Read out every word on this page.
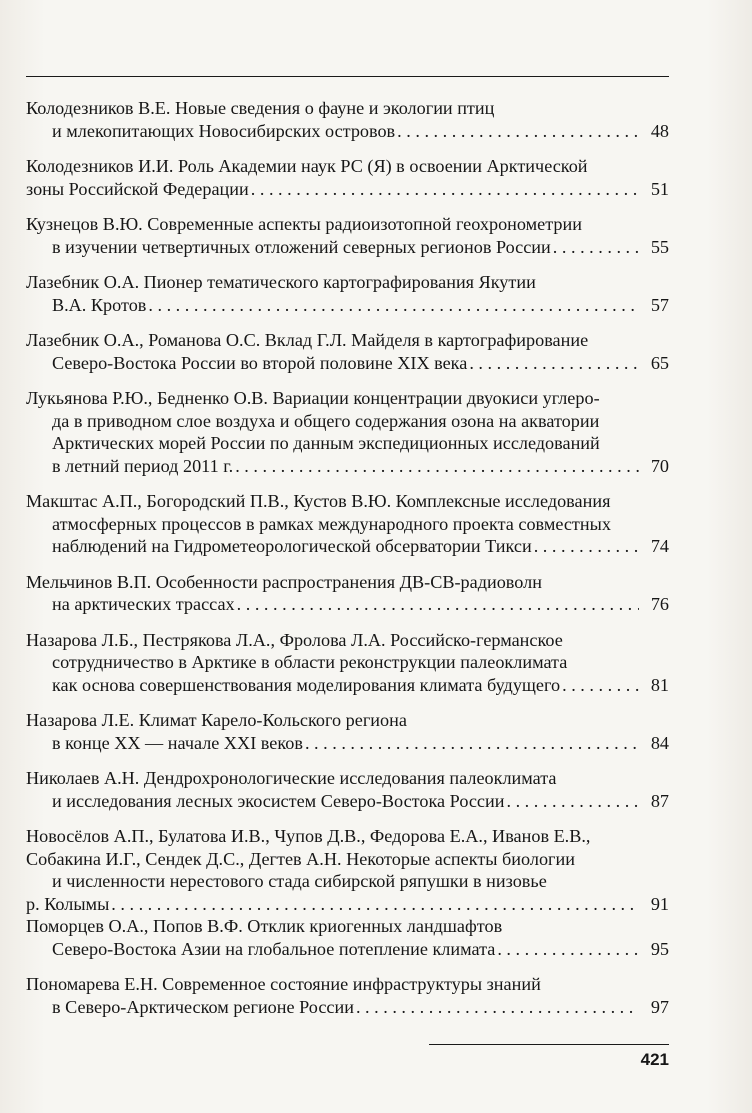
Колодезников В.Е. Новые сведения о фауне и экологии птиц
и млекопитающих Новосибирских островов . . .	48
Колодезников И.И. Роль Академии наук РС (Я) в освоении Арктической
зоны Российской Федерации . . .	51
Кузнецов В.Ю. Современные аспекты радиоизотопной геохронометрии
в изучении четвертичных отложений северных регионов России . . .	55
Лазебник О.А. Пионер тематического картографирования Якутии
В.А. Кротов . . .	57
Лазебник О.А., Романова О.С. Вклад Г.Л. Майделя в картографирование
Северо-Востока России во второй половине XIX века . . .	65
Лукьянова Р.Ю., Бедненко О.В. Вариации концентрации двуокиси углеро-
да в приводном слое воздуха и общего содержания озона на акватории
Арктических морей России по данным экспедиционных исследований
в летний период 2011 г. . . .	70
Макштас А.П., Богородский П.В., Кустов В.Ю. Комплексные исследования
атмосферных процессов в рамках международного проекта совместных
наблюдений на Гидрометеорологической обсерватории Тикси . . .	74
Мельчинов В.П. Особенности распространения ДВ-СВ-радиоволн
на арктических трассах . . .	76
Назарова Л.Б., Пестрякова Л.А., Фролова Л.А. Российско-германское
сотрудничество в Арктике в области реконструкции палеоклимата
как основа совершенствования моделирования климата будущего . . .	81
Назарова Л.Е. Климат Карело-Кольского региона
в конце XX — начале XXI веков . . .	84
Николаев А.Н. Дендрохронологические исследования палеоклимата
и исследования лесных экосистем Северо-Востока России . . .	87
Новосёлов А.П., Булатова И.В., Чупов Д.В., Федорова Е.А., Иванов Е.В.,
Собакина И.Г., Сендек Д.С., Дегтев А.Н. Некоторые аспекты биологии
и численности нерестового стада сибирской ряпушки в низовье
р. Колымы . . .	91
Поморцев О.А., Попов В.Ф. Отклик криогенных ландшафтов
Северо-Востока Азии на глобальное потепление климата . . .	95
Пономарева Е.Н. Современное состояние инфраструктуры знаний
в Северо-Арктическом регионе России . . .	97
421
